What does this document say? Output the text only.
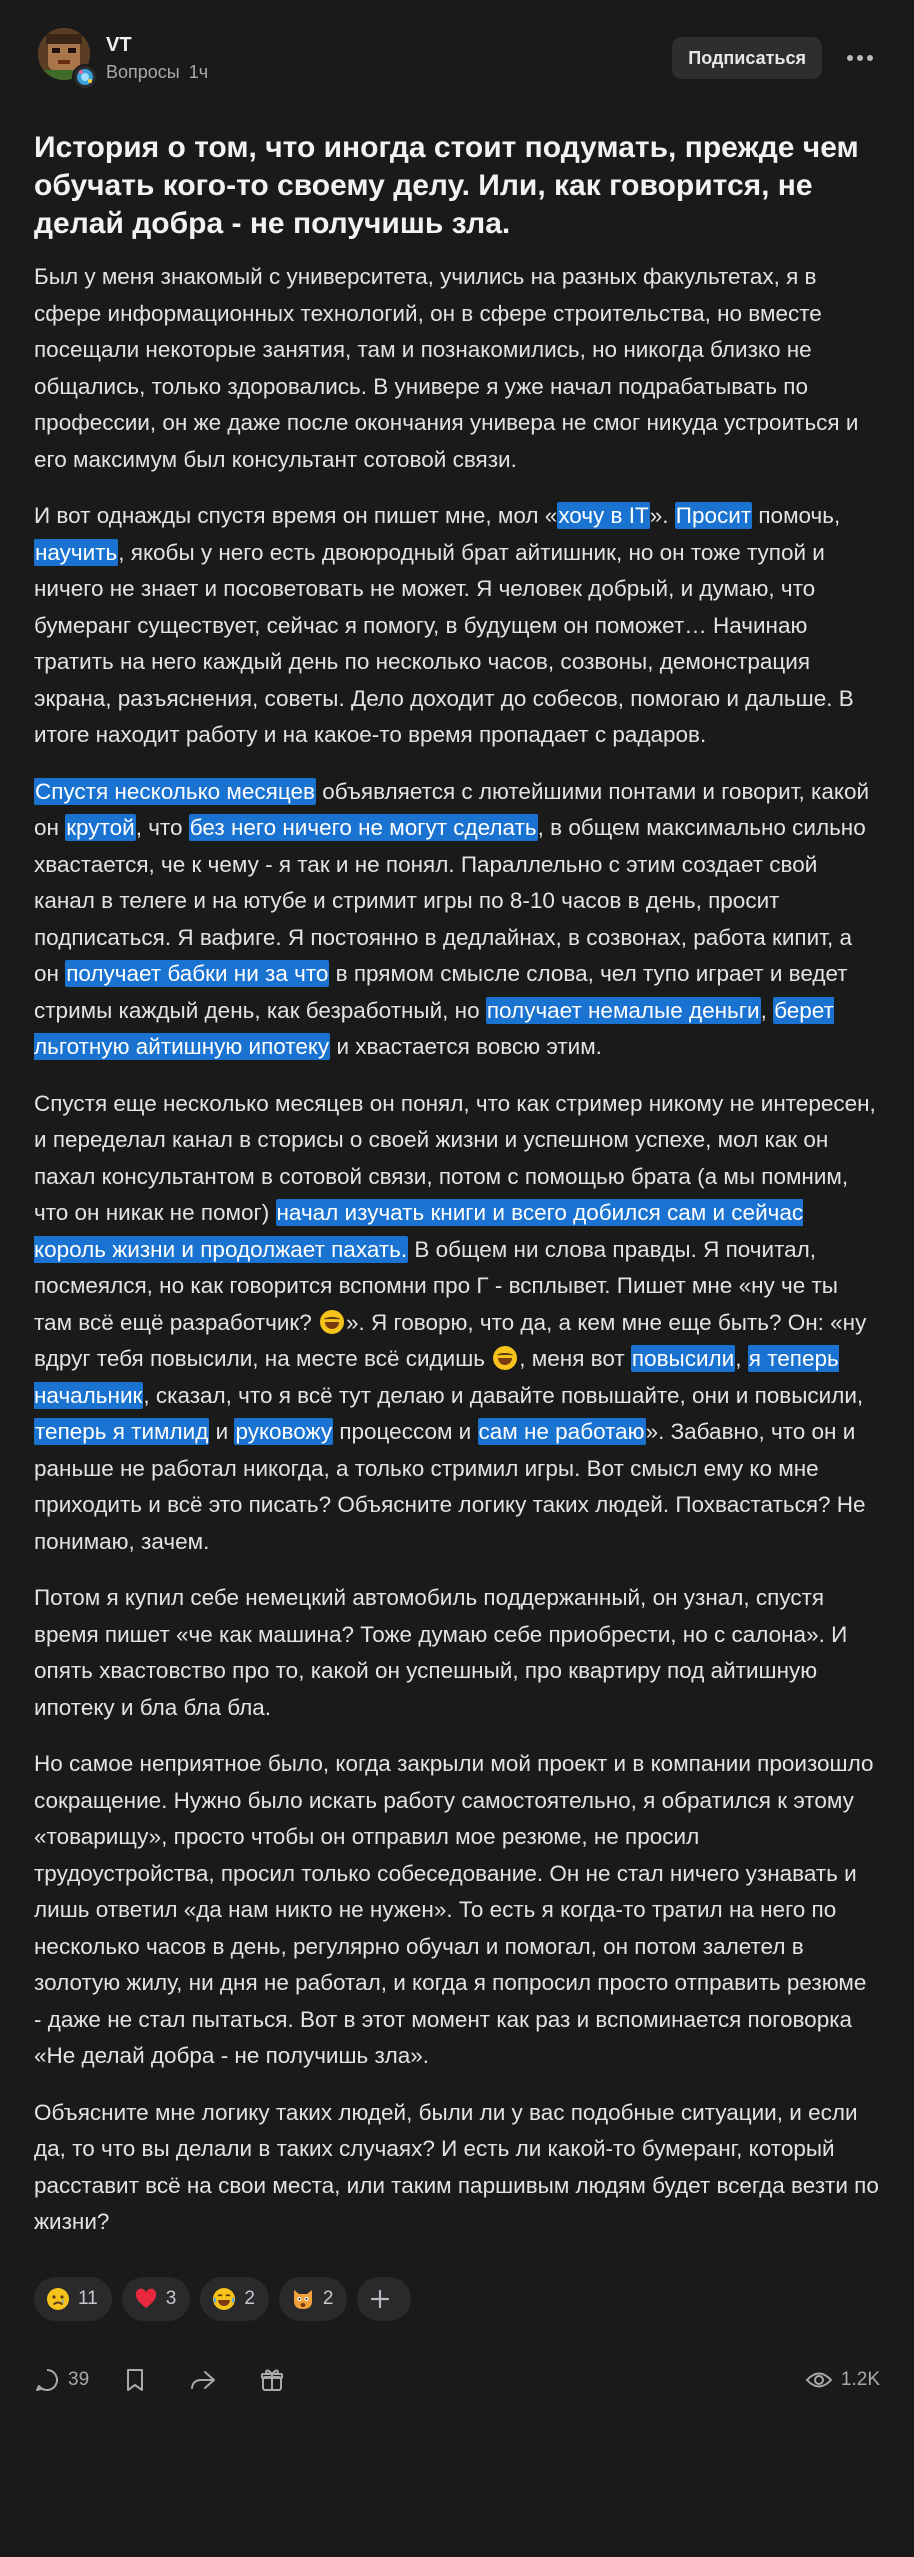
VT
Вопросы 1ч
Подписаться
История о том, что иногда стоит подумать, прежде чем обучать кого-то своему делу. Или, как говорится, не делай добра - не получишь зла.

Был у меня знакомый с университета, учились на разных факультетах, я в сфере информационных технологий, он в сфере строительства, но вместе посещали некоторые занятия, там и познакомились, но никогда близко не общались, только здоровались. В универе я уже начал подрабатывать по профессии, он же даже после окончания универа не смог никуда устроиться и его максимум был консультант сотовой связи.

И вот однажды спустя время он пишет мне, мол «хочу в IT». Просит помочь, научить, якобы у него есть двоюродный брат айтишник, но он тоже тупой и ничего не знает и посоветовать не может. Я человек добрый, и думаю, что бумеранг существует, сейчас я помогу, в будущем он поможет… Начинаю тратить на него каждый день по несколько часов, созвоны, демонстрация экрана, разъяснения, советы. Дело доходит до собесов, помогаю и дальше. В итоге находит работу и на какое-то время пропадает с радаров.

Спустя несколько месяцев объявляется с лютейшими понтами и говорит, какой он крутой, что без него ничего не могут сделать, в общем максимально сильно хвастается, че к чему - я так и не понял. Параллельно с этим создает свой канал в телеге и на ютубе и стримит игры по 8-10 часов в день, просит подписаться. Я вафиге. Я постоянно в дедлайнах, в созвонах, работа кипит, а он получает бабки ни за что в прямом смысле слова, чел тупо играет и ведет стримы каждый день, как безработный, но получает немалые деньги, берет льготную айтишную ипотеку и хвастается вовсю этим.

Спустя еще несколько месяцев он понял, что как стример никому не интересен, и переделал канал в сторисы о своей жизни и успешном успехе, мол как он пахал консультантом в сотовой связи, потом с помощью брата (а мы помним, что он никак не помог) начал изучать книги и всего добился сам и сейчас король жизни и продолжает пахать. В общем ни слова правды. Я почитал, посмеялся, но как говорится вспомни про Г - всплывет. Пишет мне «ну че ты там всё ещё разработчик? ». Я говорю, что да, а кем мне еще быть? Он: «ну вдруг тебя повысили, на месте всё сидишь , меня вот повысили, я теперь начальник, сказал, что я всё тут делаю и давайте повышайте, они и повысили, теперь я тимлид и руковожу процессом и сам не работаю». Забавно, что он и раньше не работал никогда, а только стримил игры. Вот смысл ему ко мне приходить и всё это писать? Объясните логику таких людей. Похвастаться? Не понимаю, зачем.

Потом я купил себе немецкий автомобиль поддержанный, он узнал, спустя время пишет «че как машина? Тоже думаю себе приобрести, но с салона». И опять хвастовство про то, какой он успешный, про квартиру под айтишную ипотеку и бла бла бла.

Но самое неприятное было, когда закрыли мой проект и в компании произошло сокращение. Нужно было искать работу самостоятельно, я обратился к этому «товарищу», просто чтобы он отправил мое резюме, не просил трудоустройства, просил только собеседование. Он не стал ничего узнавать и лишь ответил «да нам никто не нужен». То есть я когда-то тратил на него по несколько часов в день, регулярно обучал и помогал, он потом залетел в золотую жилу, ни дня не работал, и когда я попросил просто отправить резюме - даже не стал пытаться. Вот в этот момент как раз и вспоминается поговорка «Не делай добра - не получишь зла».

Объясните мне логику таких людей, были ли у вас подобные ситуации, и если да, то что вы делали в таких случаях? И есть ли какой-то бумеранг, который расставит всё на свои места, или таким паршивым людям будет всегда везти по жизни?

11	3	2	2
39	1.2K
